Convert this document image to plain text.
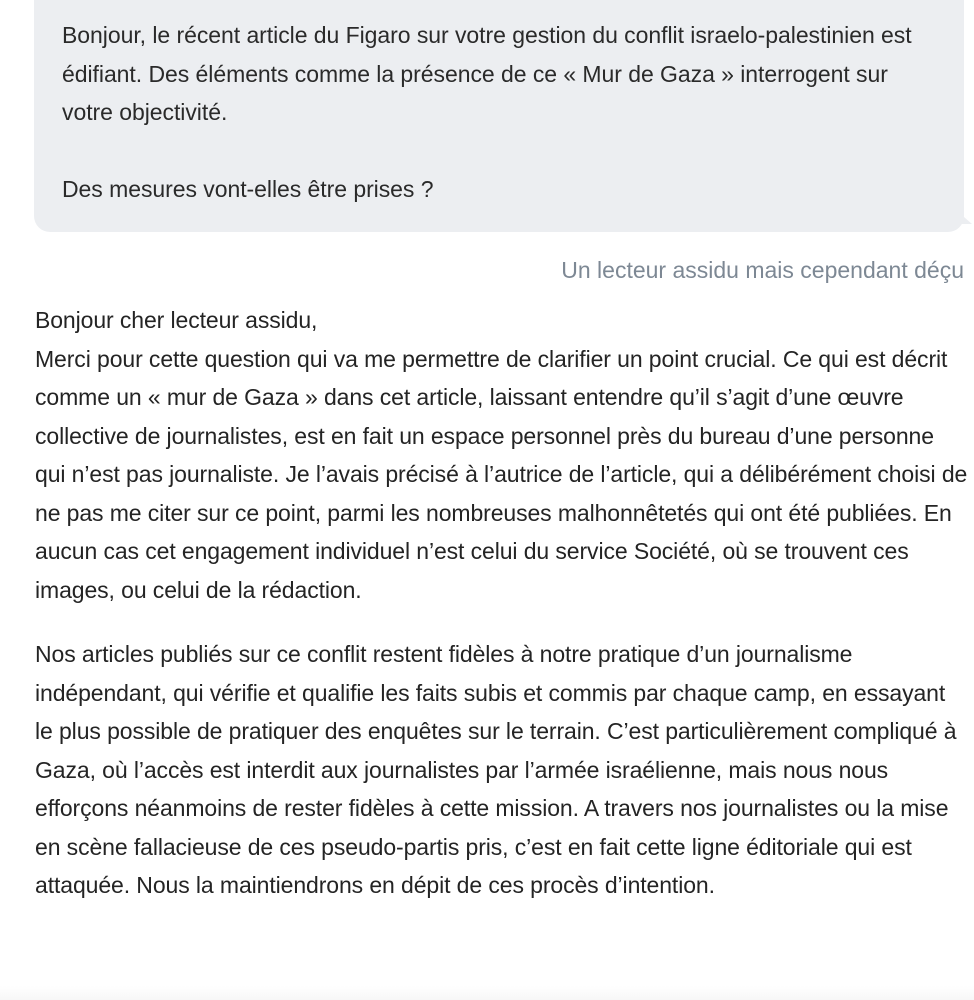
Bonjour, le récent article du Figaro sur votre gestion du conflit israelo-palestinien est édifiant. Des éléments comme la présence de ce « Mur de Gaza » interrogent sur votre objectivité.

Des mesures vont-elles être prises ?

Un lecteur assidu mais cependant déçu

Bonjour cher lecteur assidu,

Merci pour cette question qui va me permettre de clarifier un point crucial. Ce qui est décrit comme un « mur de Gaza » dans cet article, laissant entendre qu’il s’agit d’une œuvre collective de journalistes, est en fait un espace personnel près du bureau d’une personne qui n’est pas journaliste. Je l’avais précisé à l’autrice de l’article, qui a délibérément choisi de ne pas me citer sur ce point, parmi les nombreuses malhonnêtetés qui ont été publiées. En aucun cas cet engagement individuel n’est celui du service Société, où se trouvent ces images, ou celui de la rédaction.

Nos articles publiés sur ce conflit restent fidèles à notre pratique d’un journalisme indépendant, qui vérifie et qualifie les faits subis et commis par chaque camp, en essayant le plus possible de pratiquer des enquêtes sur le terrain. C’est particulièrement compliqué à Gaza, où l’accès est interdit aux journalistes par l’armée israélienne, mais nous nous efforçons néanmoins de rester fidèles à cette mission. A travers nos journalistes ou la mise en scène fallacieuse de ces pseudo-partis pris, c’est en fait cette ligne éditoriale qui est attaquée. Nous la maintiendrons en dépit de ces procès d’intention.
